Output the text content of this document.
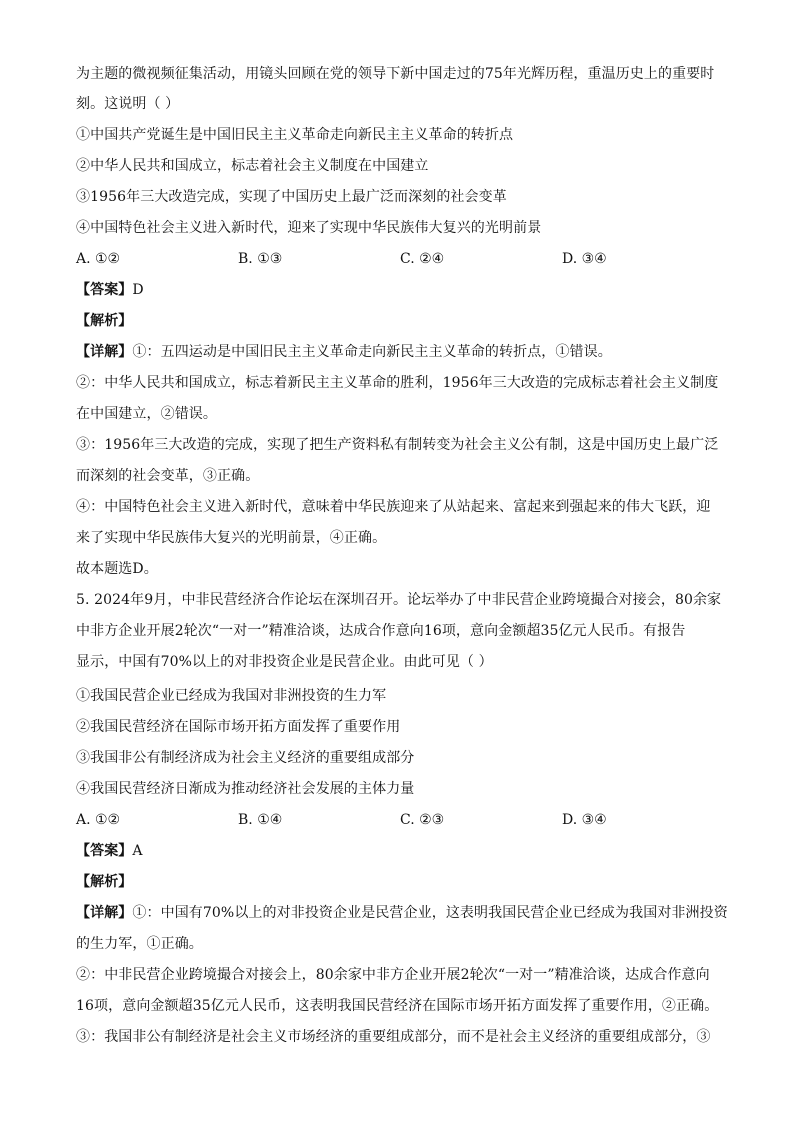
为主题的微视频征集活动，用镜头回顾在党的领导下新中国走过的75年光辉历程，重温历史上的重要时
刻。这说明（ ）
①中国共产党诞生是中国旧民主主义革命走向新民主主义革命的转折点
②中华人民共和国成立，标志着社会主义制度在中国建立
③1956年三大改造完成，实现了中国历史上最广泛而深刻的社会变革
④中国特色社会主义进入新时代，迎来了实现中华民族伟大复兴的光明前景
A. ①②	B. ①③	C. ②④	D. ③④
【答案】D
【解析】
【详解】①：五四运动是中国旧民主主义革命走向新民主主义革命的转折点，①错误。
②：中华人民共和国成立，标志着新民主主义革命的胜利，1956年三大改造的完成标志着社会主义制度
在中国建立，②错误。
③：1956年三大改造的完成，实现了把生产资料私有制转变为社会主义公有制，这是中国历史上最广泛
而深刻的社会变革，③正确。
④：中国特色社会主义进入新时代，意味着中华民族迎来了从站起来、富起来到强起来的伟大飞跃，迎
来了实现中华民族伟大复兴的光明前景，④正确。
故本题选D。
5. 2024年9月，中非民营经济合作论坛在深圳召开。论坛举办了中非民营企业跨境撮合对接会，80余家
中非方企业开展2轮次“一对一”精准洽谈，达成合作意向16项，意向金额超35亿元人民币。有报告
显示，中国有70%以上的对非投资企业是民营企业。由此可见（ ）
①我国民营企业已经成为我国对非洲投资的生力军
②我国民营经济在国际市场开拓方面发挥了重要作用
③我国非公有制经济成为社会主义经济的重要组成部分
④我国民营经济日渐成为推动经济社会发展的主体力量
A. ①②	B. ①④	C. ②③	D. ③④
【答案】A
【解析】
【详解】①：中国有70%以上的对非投资企业是民营企业，这表明我国民营企业已经成为我国对非洲投资
的生力军，①正确。
②：中非民营企业跨境撮合对接会上，80余家中非方企业开展2轮次“一对一”精准洽谈，达成合作意向
16项，意向金额超35亿元人民币，这表明我国民营经济在国际市场开拓方面发挥了重要作用，②正确。
③：我国非公有制经济是社会主义市场经济的重要组成部分，而不是社会主义经济的重要组成部分，③
